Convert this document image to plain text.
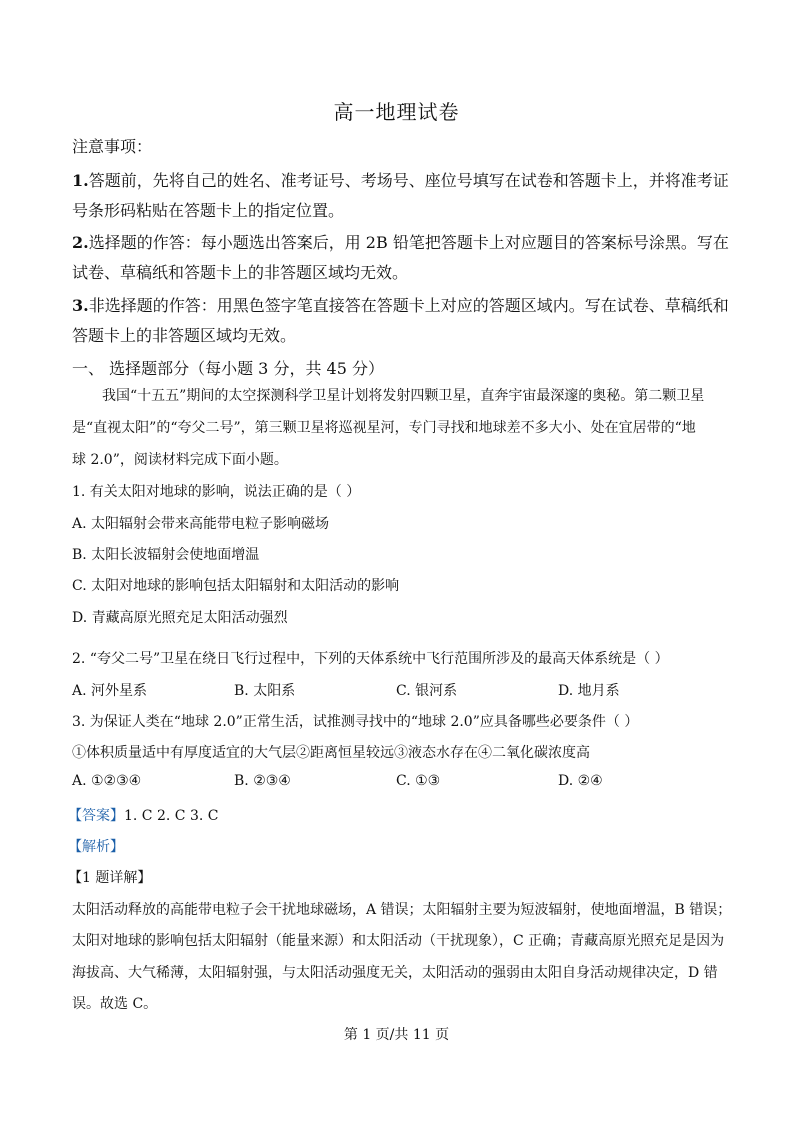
高一地理试卷
注意事项：
1.答题前，先将自己的姓名、准考证号、考场号、座位号填写在试卷和答题卡上，并将准考证
号条形码粘贴在答题卡上的指定位置。
2.选择题的作答：每小题选出答案后，用 2B 铅笔把答题卡上对应题目的答案标号涂黑。写在
试卷、草稿纸和答题卡上的非答题区域均无效。
3.非选择题的作答：用黑色签字笔直接答在答题卡上对应的答题区域内。写在试卷、草稿纸和
答题卡上的非答题区域均无效。
一、 选择题部分（每小题 3 分，共 45 分）
我国“十五五”期间的太空探测科学卫星计划将发射四颗卫星，直奔宇宙最深邃的奥秘。第二颗卫星
是“直视太阳”的“夸父二号”，第三颗卫星将巡视星河，专门寻找和地球差不多大小、处在宜居带的“地
球 2.0”，阅读材料完成下面小题。
1. 有关太阳对地球的影响，说法正确的是（ ）
A. 太阳辐射会带来高能带电粒子影响磁场
B. 太阳长波辐射会使地面增温
C. 太阳对地球的影响包括太阳辐射和太阳活动的影响
D. 青藏高原光照充足太阳活动强烈
2. “夸父二号”卫星在绕日飞行过程中，下列的天体系统中飞行范围所涉及的最高天体系统是（ ）
A. 河外星系	B. 太阳系	C. 银河系	D. 地月系
3. 为保证人类在“地球 2.0”正常生活，试推测寻找中的“地球 2.0”应具备哪些必要条件（ ）
①体积质量适中有厚度适宜的大气层②距离恒星较远③液态水存在④二氧化碳浓度高
A. ①②③④	B. ②③④	C. ①③	D. ②④
【答案】1. C 2. C 3. C
【解析】
【1 题详解】
太阳活动释放的高能带电粒子会干扰地球磁场，A 错误；太阳辐射主要为短波辐射，使地面增温，B 错误；
太阳对地球的影响包括太阳辐射（能量来源）和太阳活动（干扰现象），C 正确；青藏高原光照充足是因为
海拔高、大气稀薄，太阳辐射强，与太阳活动强度无关，太阳活动的强弱由太阳自身活动规律决定，D 错
误。故选 C。
第 1 页/共 11 页
